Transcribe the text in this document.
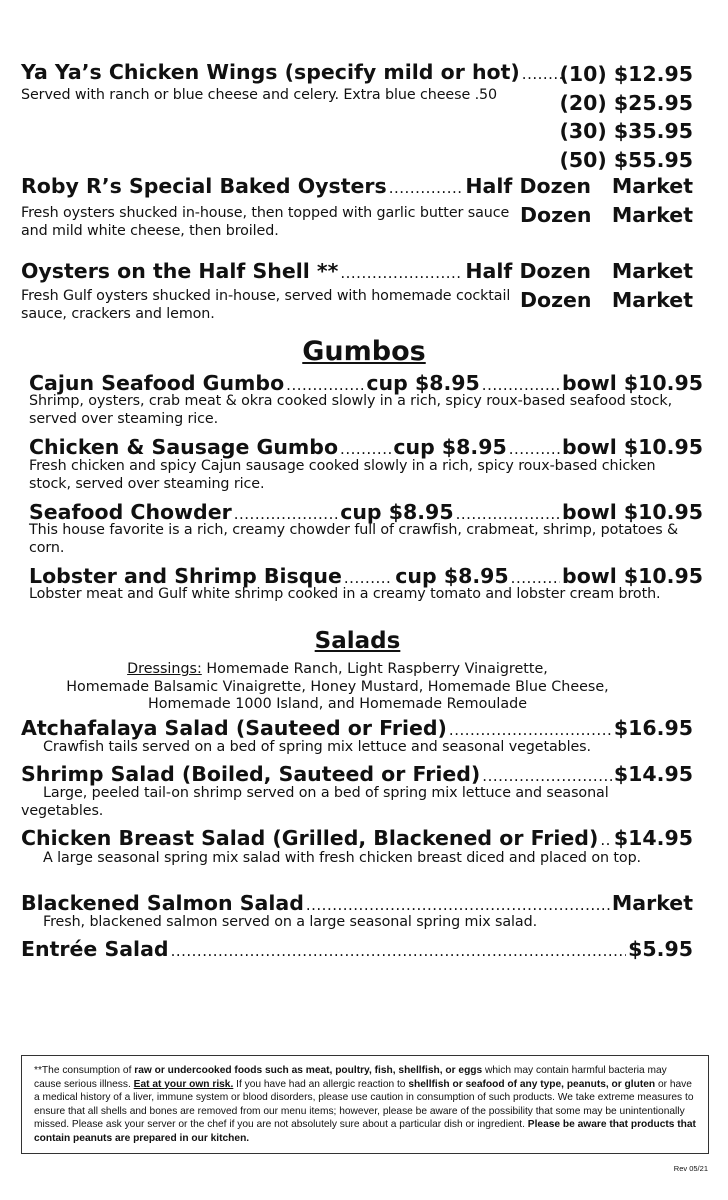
Ya Ya’s Chicken Wings (specify mild or hot)
.....
Served with ranch or blue cheese and celery. Extra blue cheese .50
(10) $12.95
(20) $25.95
(30) $35.95
(50) $55.95
Roby R’s Special Baked Oysters .....	Half Dozen Market
Dozen Market
Fresh oysters shucked in-house, then topped with garlic butter sauce and mild white cheese, then broiled.
Oysters on the Half Shell ** .....	Half Dozen Market
Dozen Market
Fresh Gulf oysters shucked in-house, served with homemade cocktail sauce, crackers and lemon.
Gumbos
Cajun Seafood Gumbo .....	cup $8.95 .....	bowl $10.95
Shrimp, oysters, crab meat & okra cooked slowly in a rich, spicy roux-based seafood stock, served over steaming rice.
Chicken & Sausage Gumbo .....	cup $8.95 .....	bowl $10.95
Fresh chicken and spicy Cajun sausage cooked slowly in a rich, spicy roux-based chicken stock, served over steaming rice.
Seafood Chowder .....	cup $8.95 .....	bowl $10.95
This house favorite is a rich, creamy chowder full of crawfish, crabmeat, shrimp, potatoes & corn.
Lobster and Shrimp Bisque .....	cup $8.95 .....	bowl $10.95
Lobster meat and Gulf white shrimp cooked in a creamy tomato and lobster cream broth.
Salads
Dressings: Homemade Ranch, Light Raspberry Vinaigrette,
Homemade Balsamic Vinaigrette, Honey Mustard, Homemade Blue Cheese,
Homemade 1000 Island, and Homemade Remoulade
Atchafalaya Salad (Sauteed or Fried) .....	$16.95
Crawfish tails served on a bed of spring mix lettuce and seasonal vegetables.
Shrimp Salad (Boiled, Sauteed or Fried) .....	$14.95
Large, peeled tail-on shrimp served on a bed of spring mix lettuce and seasonal vegetables.
Chicken Breast Salad (Grilled, Blackened or Fried) ..... $14.95
A large seasonal spring mix salad with fresh chicken breast diced and placed on top.
Blackened Salmon Salad .....	Market
Fresh, blackened salmon served on a large seasonal spring mix salad.
Entrée Salad .....	$5.95
**The consumption of raw or undercooked foods such as meat, poultry, fish, shellfish, or eggs which may contain harmful bacteria may cause serious illness. Eat at your own risk. If you have had an allergic reaction to shellfish or seafood of any type, peanuts, or gluten or have a medical history of a liver, immune system or blood disorders, please use caution in consumption of such products. We take extreme measures to ensure that all shells and bones are removed from our menu items; however, please be aware of the possibility that some may be unintentionally missed. Please ask your server or the chef if you are not absolutely sure about a particular dish or ingredient. Please be aware that products that contain peanuts are prepared in our kitchen.
Rev 05/21
